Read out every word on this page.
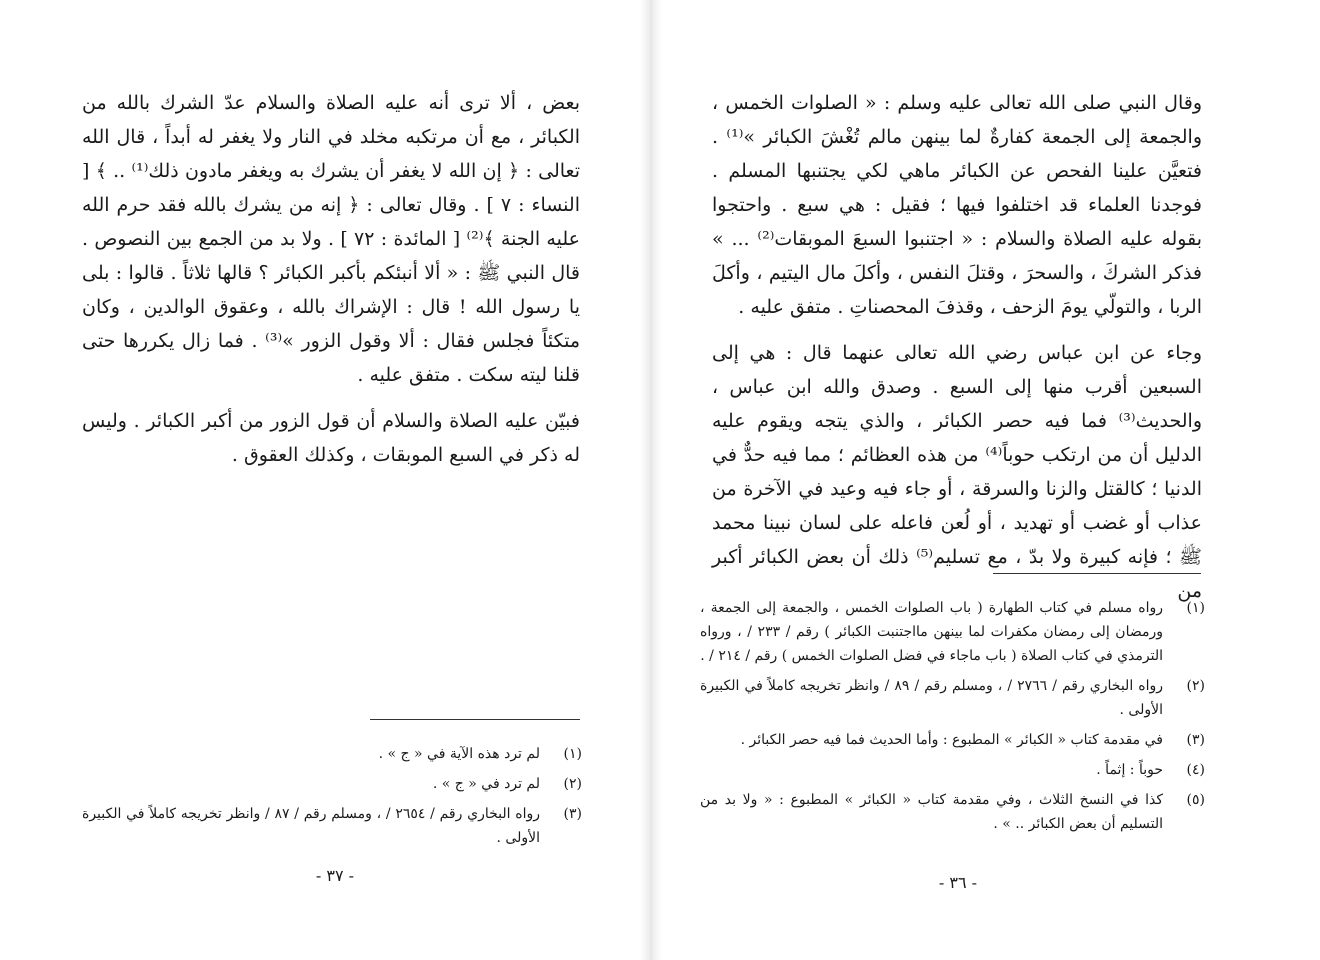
بعض ، ألا ترى أنه عليه الصلاة والسلام عدّ الشرك بالله من الكبائر ، مع أن مرتكبه مخلد في النار ولا يغفر له أبداً ، قال الله تعالى : ﴿ إن الله لا يغفر أن يشرك به ويغفر مادون ذلك⁽¹⁾ .. ﴾ [ النساء : ٧ ] . وقال تعالى : ﴿ إنه من يشرك بالله فقد حرم الله عليه الجنة ﴾⁽²⁾ [ المائدة : ٧٢ ] . ولا بد من الجمع بين النصوص . قال النبي ﷺ : « ألا أنبئكم بأكبر الكبائر ؟ قالها ثلاثاً . قالوا : بلى يا رسول الله ! قال : الإشراك بالله ، وعقوق الوالدين ، وكان متكئاً فجلس فقال : ألا وقول الزور »⁽³⁾ . فما زال يكررها حتى قلنا ليته سكت . متفق عليه .

فبيّن عليه الصلاة والسلام أن قول الزور من أكبر الكبائر . وليس له ذكر في السبع الموبقات ، وكذلك العقوق .

(١)
لم ترد هذه الآية في « ج » .
(٢)
لم ترد في « ج » .
(٣)
رواه البخاري رقم / ٢٦٥٤ / ، ومسلم رقم / ٨٧ / وانظر تخريجه كاملاً في الكبيرة الأولى .
- ٣٧ -

وقال النبي صلى الله تعالى عليه وسلم : « الصلوات الخمس ، والجمعة إلى الجمعة كفارةٌ لما بينهن مالم تُغْشَ الكبائر »⁽¹⁾ . فتعيَّن علينا الفحص عن الكبائر ماهي لكي يجتنبها المسلم . فوجدنا العلماء قد اختلفوا فيها ؛ فقيل : هي سبع . واحتجوا بقوله عليه الصلاة والسلام : « اجتنبوا السبعَ الموبقات⁽²⁾ ... » فذكر الشركَ ، والسحرَ ، وقتلَ النفس ، وأكلَ مال اليتيم ، وأكلَ الربا ، والتولّي يومَ الزحف ، وقذفَ المحصناتِ . متفق عليه .

وجاء عن ابن عباس رضي الله تعالى عنهما قال : هي إلى السبعين أقرب منها إلى السبع . وصدق والله ابن عباس ، والحديث⁽³⁾ فما فيه حصر الكبائر ، والذي يتجه ويقوم عليه الدليل أن من ارتكب حوباً⁽⁴⁾ من هذه العظائم ؛ مما فيه حدٌّ في الدنيا ؛ كالقتل والزنا والسرقة ، أو جاء فيه وعيد في الآخرة من عذاب أو غضب أو تهديد ، أو لُعن فاعله على لسان نبينا محمد ﷺ ؛ فإنه كبيرة ولا بدّ ، مع تسليم⁽⁵⁾ ذلك أن بعض الكبائر أكبر من

(١)
رواه مسلم في كتاب الطهارة ( باب الصلوات الخمس ، والجمعة إلى الجمعة ، ورمضان إلى رمضان مكفرات لما بينهن مااجتنبت الكبائر ) رقم / ٢٣٣ / ، ورواه الترمذي في كتاب الصلاة ( باب ماجاء في فضل الصلوات الخمس ) رقم / ٢١٤ / .
(٢)
رواه البخاري رقم / ٢٧٦٦ / ، ومسلم رقم / ٨٩ / وانظر تخريجه كاملاً في الكبيرة الأولى .
(٣)
في مقدمة كتاب « الكبائر » المطبوع : وأما الحديث فما فيه حصر الكبائر .
(٤)
حوباً : إثماً .
(٥)
كذا في النسخ الثلاث ، وفي مقدمة كتاب « الكبائر » المطبوع : « ولا بد من التسليم أن بعض الكبائر .. » .
- ٣٦ -
